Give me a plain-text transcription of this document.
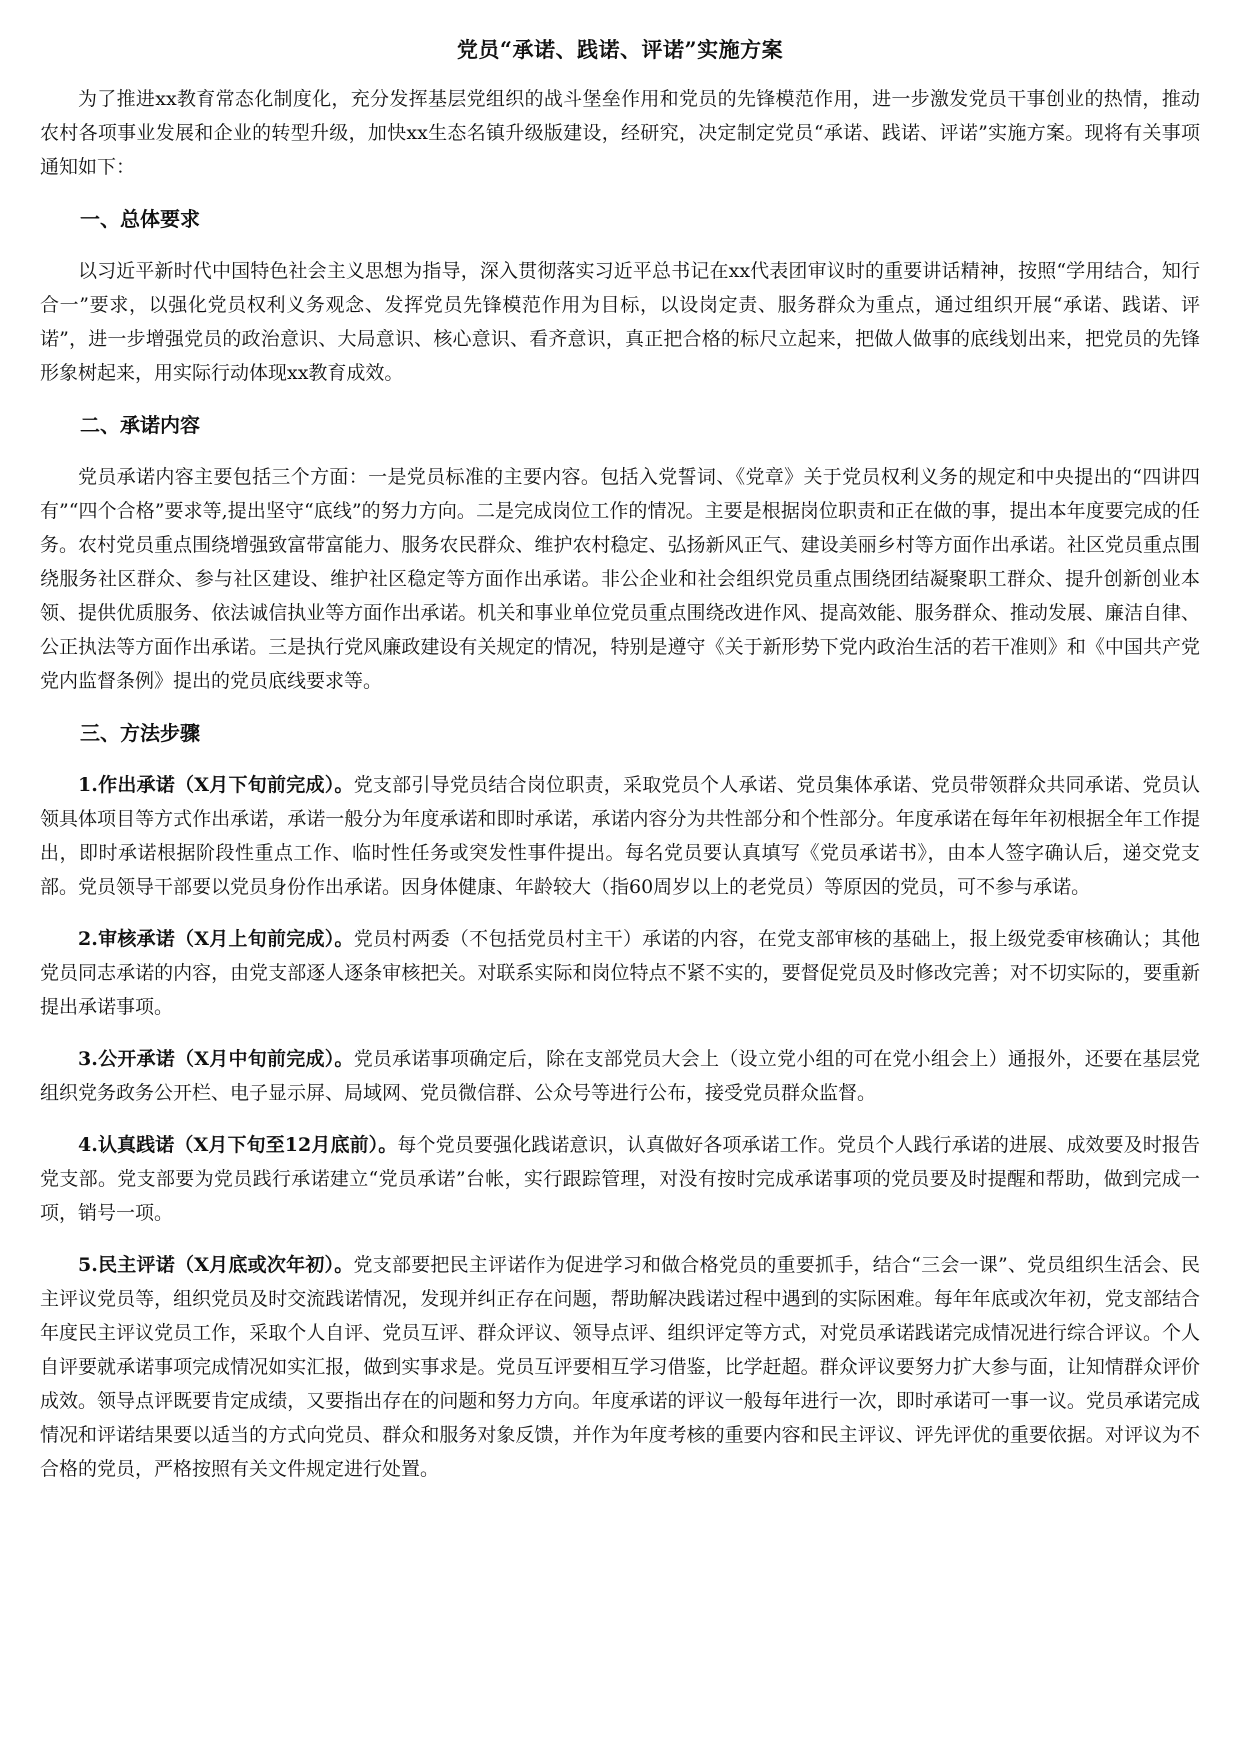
党员“承诺、践诺、评诺”实施方案

为了推进xx教育常态化制度化，充分发挥基层党组织的战斗堡垒作用和党员的先锋模范作用，进一步激发党员干事创业的热情，推动农村各项事业发展和企业的转型升级，加快xx生态名镇升级版建设，经研究，决定制定党员“承诺、践诺、评诺”实施方案。现将有关事项通知如下：

一、总体要求

以习近平新时代中国特色社会主义思想为指导，深入贯彻落实习近平总书记在xx代表团审议时的重要讲话精神，按照“学用结合，知行合一”要求，以强化党员权利义务观念、发挥党员先锋模范作用为目标，以设岗定责、服务群众为重点，通过组织开展“承诺、践诺、评诺”，进一步增强党员的政治意识、大局意识、核心意识、看齐意识，真正把合格的标尺立起来，把做人做事的底线划出来，把党员的先锋形象树起来，用实际行动体现xx教育成效。

二、承诺内容

党员承诺内容主要包括三个方面：一是党员标准的主要内容。包括入党誓词、《党章》关于党员权利义务的规定和中央提出的“四讲四有”“四个合格”要求等,提出坚守“底线”的努力方向。二是完成岗位工作的情况。主要是根据岗位职责和正在做的事，提出本年度要完成的任务。农村党员重点围绕增强致富带富能力、服务农民群众、维护农村稳定、弘扬新风正气、建设美丽乡村等方面作出承诺。社区党员重点围绕服务社区群众、参与社区建设、维护社区稳定等方面作出承诺。非公企业和社会组织党员重点围绕团结凝聚职工群众、提升创新创业本领、提供优质服务、依法诚信执业等方面作出承诺。机关和事业单位党员重点围绕改进作风、提高效能、服务群众、推动发展、廉洁自律、公正执法等方面作出承诺。三是执行党风廉政建设有关规定的情况，特别是遵守《关于新形势下党内政治生活的若干准则》和《中国共产党党内监督条例》提出的党员底线要求等。

三、方法步骤

1.作出承诺（X月下旬前完成）。党支部引导党员结合岗位职责，采取党员个人承诺、党员集体承诺、党员带领群众共同承诺、党员认领具体项目等方式作出承诺，承诺一般分为年度承诺和即时承诺，承诺内容分为共性部分和个性部分。年度承诺在每年年初根据全年工作提出，即时承诺根据阶段性重点工作、临时性任务或突发性事件提出。每名党员要认真填写《党员承诺书》，由本人签字确认后，递交党支部。党员领导干部要以党员身份作出承诺。因身体健康、年龄较大（指60周岁以上的老党员）等原因的党员，可不参与承诺。

2.审核承诺（X月上旬前完成）。党员村两委（不包括党员村主干）承诺的内容，在党支部审核的基础上，报上级党委审核确认；其他党员同志承诺的内容，由党支部逐人逐条审核把关。对联系实际和岗位特点不紧不实的，要督促党员及时修改完善；对不切实际的，要重新提出承诺事项。

3.公开承诺（X月中旬前完成）。党员承诺事项确定后，除在支部党员大会上（设立党小组的可在党小组会上）通报外，还要在基层党组织党务政务公开栏、电子显示屏、局域网、党员微信群、公众号等进行公布，接受党员群众监督。

4.认真践诺（X月下旬至12月底前）。每个党员要强化践诺意识，认真做好各项承诺工作。党员个人践行承诺的进展、成效要及时报告党支部。党支部要为党员践行承诺建立“党员承诺”台帐，实行跟踪管理，对没有按时完成承诺事项的党员要及时提醒和帮助，做到完成一项，销号一项。

5.民主评诺（X月底或次年初）。党支部要把民主评诺作为促进学习和做合格党员的重要抓手，结合“三会一课”、党员组织生活会、民主评议党员等，组织党员及时交流践诺情况，发现并纠正存在问题，帮助解决践诺过程中遇到的实际困难。每年年底或次年初，党支部结合年度民主评议党员工作，采取个人自评、党员互评、群众评议、领导点评、组织评定等方式，对党员承诺践诺完成情况进行综合评议。个人自评要就承诺事项完成情况如实汇报，做到实事求是。党员互评要相互学习借鉴，比学赶超。群众评议要努力扩大参与面，让知情群众评价成效。领导点评既要肯定成绩，又要指出存在的问题和努力方向。年度承诺的评议一般每年进行一次，即时承诺可一事一议。党员承诺完成情况和评诺结果要以适当的方式向党员、群众和服务对象反馈，并作为年度考核的重要内容和民主评议、评先评优的重要依据。对评议为不合格的党员，严格按照有关文件规定进行处置。
